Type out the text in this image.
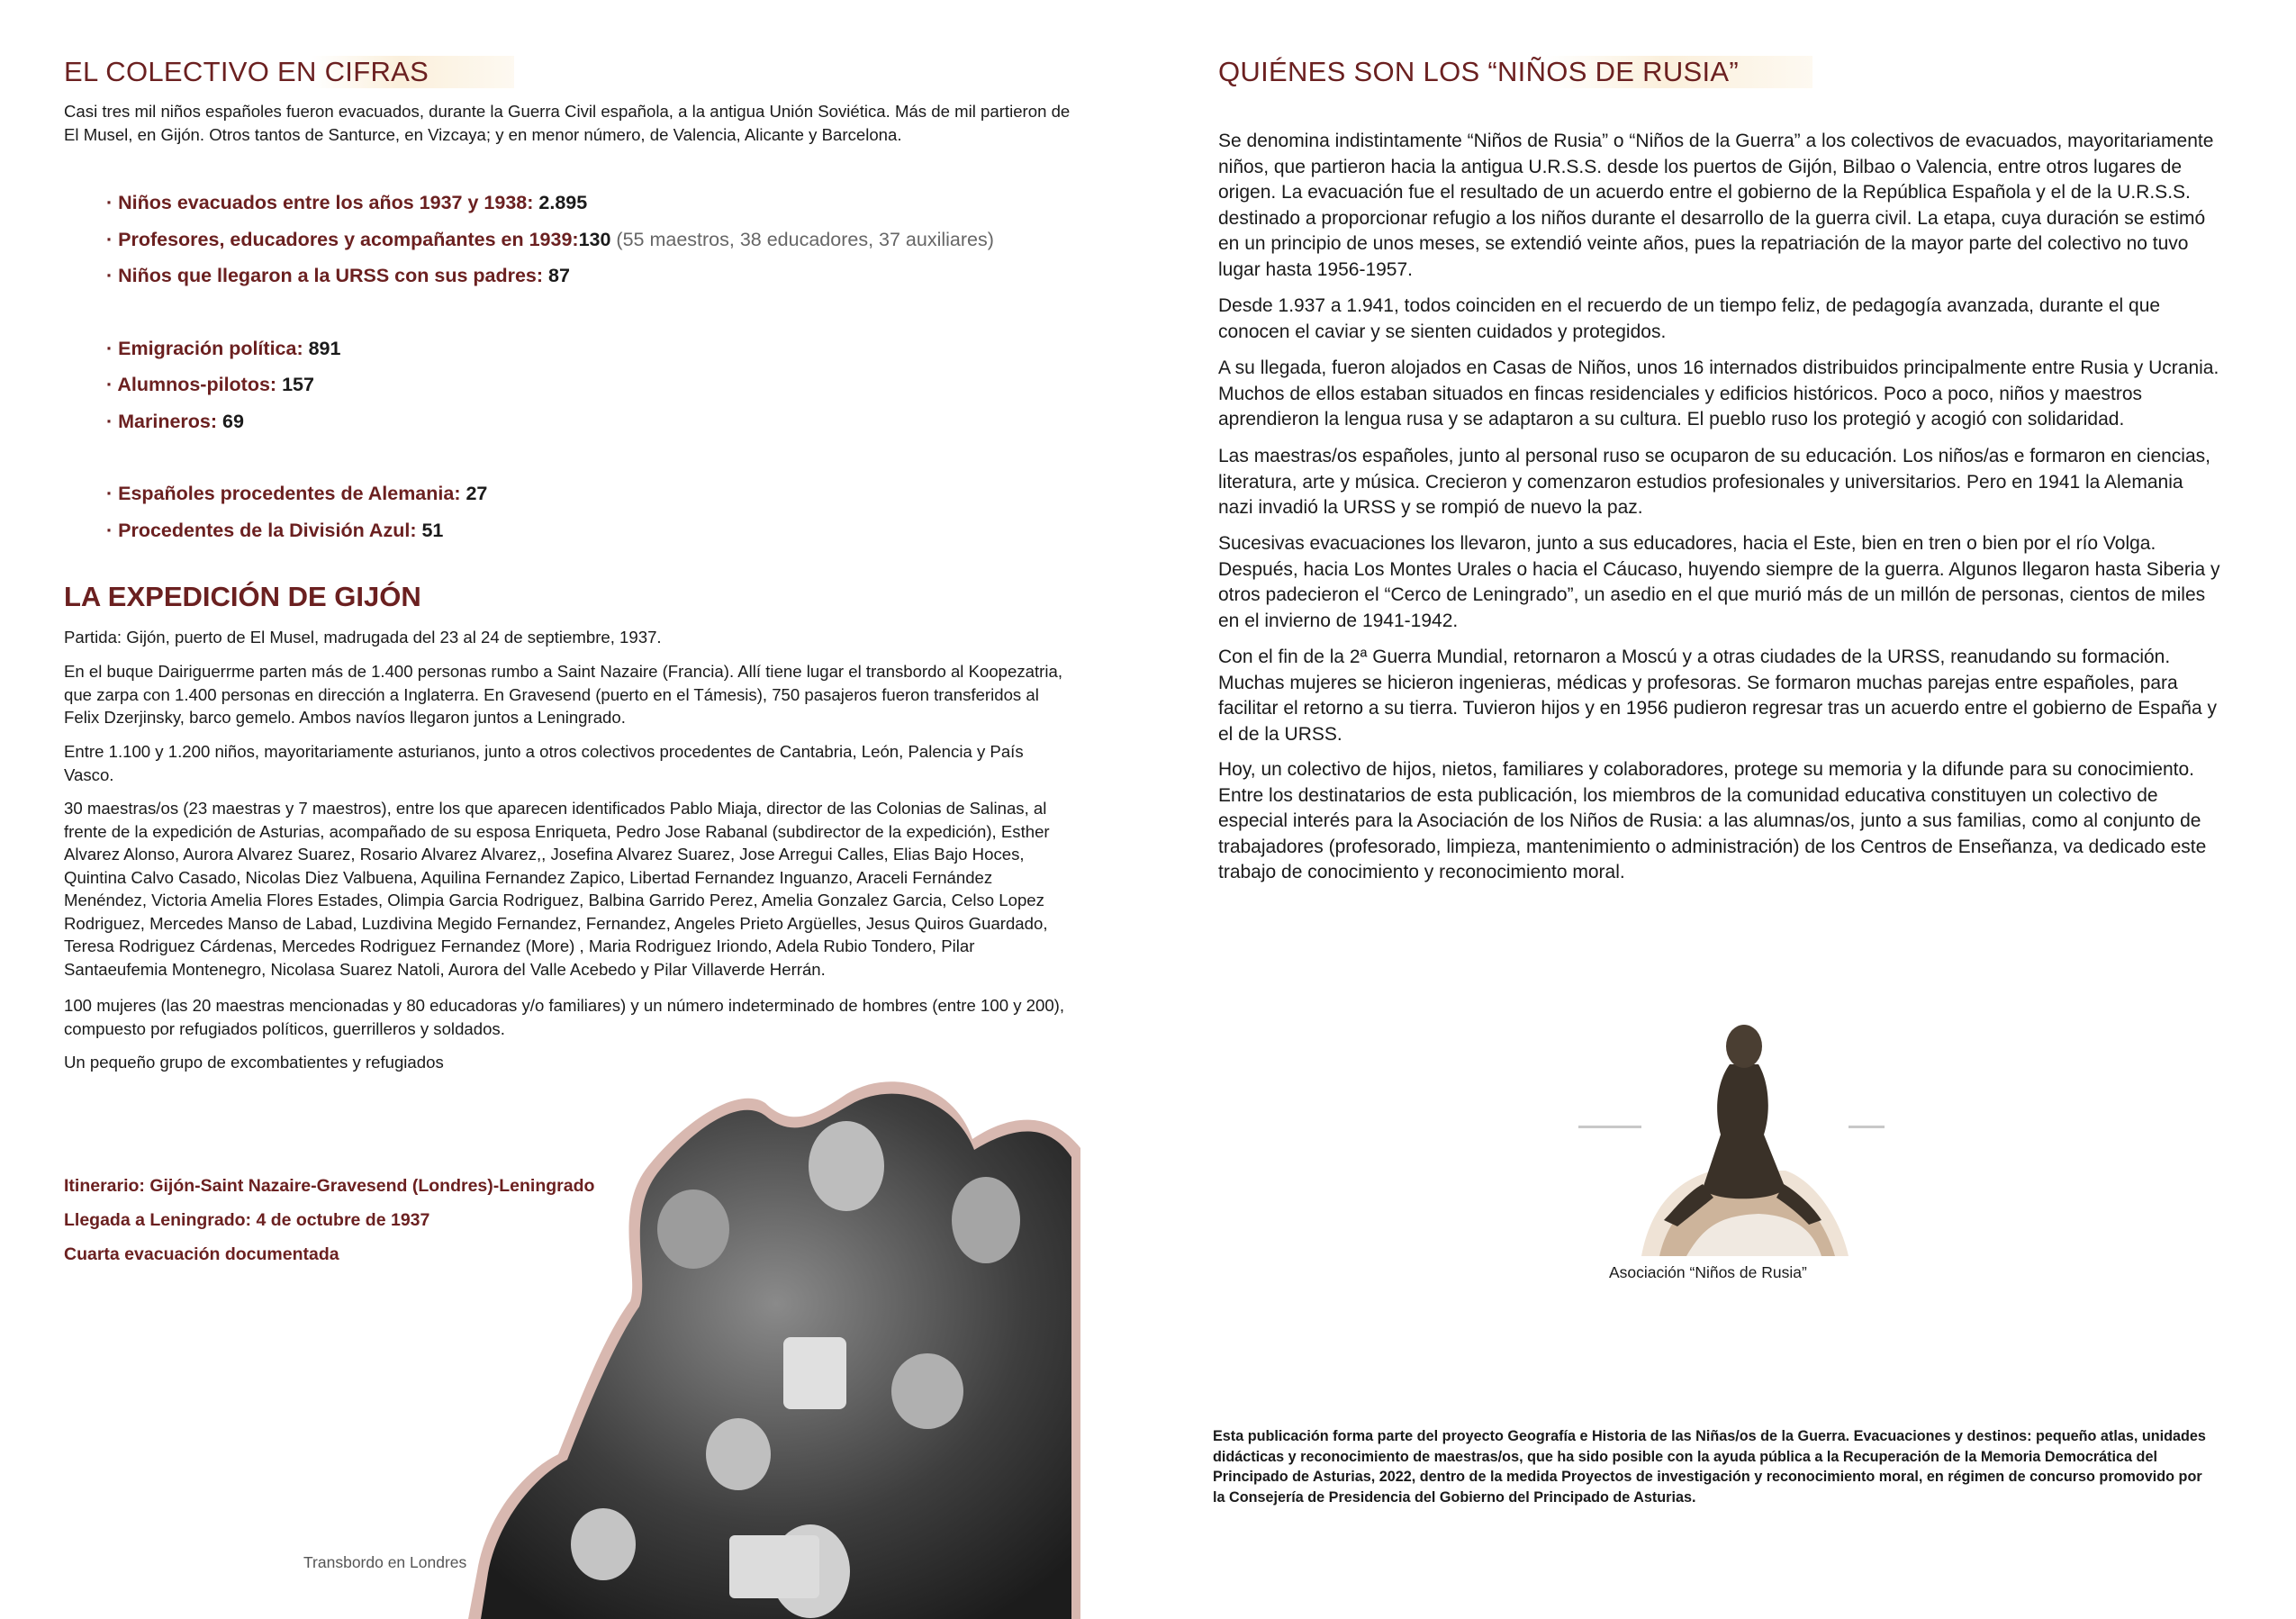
EL COLECTIVO EN CIFRAS

Casi tres mil niños españoles fueron evacuados, durante la Guerra Civil española, a la antigua Unión Soviética. Más de mil partieron de El Musel, en Gijón. Otros tantos de Santurce, en Vizcaya; y en menor número, de Valencia, Alicante y Barcelona.

· Niños evacuados entre los años 1937 y 1938: 2.895
· Profesores, educadores y acompañantes en 1939:130 (55 maestros, 38 educadores, 37 auxiliares)
· Niños que llegaron a la URSS con sus padres: 87
· Emigración política: 891
· Alumnos-pilotos: 157
· Marineros: 69
· Españoles procedentes de Alemania: 27
· Procedentes de la División Azul: 51
LA EXPEDICIÓN DE GIJÓN

Partida: Gijón, puerto de El Musel, madrugada del 23 al 24 de septiembre, 1937.

En el buque Dairiguerrme parten más de 1.400 personas rumbo a Saint Nazaire (Francia). Allí tiene lugar el transbordo al Koopezatria, que zarpa con 1.400 personas en dirección a Inglaterra. En Gravesend (puerto en el Támesis), 750 pasajeros fueron transferidos al Felix Dzerjinsky, barco gemelo. Ambos navíos llegaron juntos a Leningrado.

Entre 1.100 y 1.200 niños, mayoritariamente asturianos, junto a otros colectivos procedentes de Cantabria, León, Palencia y País Vasco.

30 maestras/os (23 maestras y 7 maestros), entre los que aparecen identificados Pablo Miaja, director de las Colonias de Salinas, al frente de la expedición de Asturias, acompañado de su esposa Enriqueta, Pedro Jose Rabanal (subdirector de la expedición), Esther Alvarez Alonso, Aurora Alvarez Suarez, Rosario Alvarez Alvarez,, Josefina Alvarez Suarez, Jose Arregui Calles, Elias Bajo Hoces, Quintina Calvo Casado, Nicolas Diez Valbuena, Aquilina Fernandez Zapico, Libertad Fernandez Inguanzo, Araceli Fernández Menéndez, Victoria Amelia Flores Estades, Olimpia Garcia Rodriguez, Balbina Garrido Perez, Amelia Gonzalez Garcia, Celso Lopez Rodriguez, Mercedes Manso de Labad, Luzdivina Megido Fernandez, Fernandez, Angeles Prieto Argüelles, Jesus Quiros Guardado, Teresa Rodriguez Cárdenas, Mercedes Rodriguez Fernandez (More) , Maria Rodriguez Iriondo, Adela Rubio Tondero, Pilar Santaeufemia Montenegro, Nicolasa Suarez Natoli, Aurora del Valle Acebedo y Pilar Villaverde Herrán.

100 mujeres (las 20 maestras mencionadas y 80 educadoras y/o familiares) y un número indeterminado de hombres (entre 100 y 200), compuesto por refugiados políticos, guerrilleros y soldados.

Un pequeño grupo de excombatientes y refugiados

Itinerario: Gijón-Saint Nazaire-Gravesend (Londres)-Leningrado
Llegada a Leningrado: 4 de octubre de 1937
Cuarta evacuación documentada
Transbordo en Londres
QUIÉNES SON LOS “NIÑOS DE RUSIA”

Se denomina indistintamente “Niños de Rusia” o “Niños de la Guerra” a los colectivos de evacuados, mayoritariamente niños, que partieron hacia la antigua U.R.S.S. desde los puertos de Gijón, Bilbao o Valencia, entre otros lugares de origen. La evacuación fue el resultado de un acuerdo entre el gobierno de la República Española y el de la U.R.S.S. destinado a proporcionar refugio a los niños durante el desarrollo de la guerra civil. La etapa, cuya duración se estimó en un principio de unos meses, se extendió veinte años, pues la repatriación de la mayor parte del colectivo no tuvo lugar hasta 1956-1957.

Desde 1.937 a 1.941, todos coinciden en el recuerdo de un tiempo feliz, de pedagogía avanzada, durante el que conocen el caviar y se sienten cuidados y protegidos.

A su llegada, fueron alojados en Casas de Niños, unos 16 internados distribuidos principalmente entre Rusia y Ucrania. Muchos de ellos estaban situados en fincas residenciales y edificios históricos. Poco a poco, niños y maestros aprendieron la lengua rusa y se adaptaron a su cultura. El pueblo ruso los protegió y acogió con solidaridad.

Las maestras/os españoles, junto al personal ruso se ocuparon de su educación. Los niños/as e formaron en ciencias, literatura, arte y música. Crecieron y comenzaron estudios profesionales y universitarios. Pero en 1941 la Alemania nazi invadió la URSS y se rompió de nuevo la paz.

Sucesivas evacuaciones los llevaron, junto a sus educadores, hacia el Este, bien en tren o bien por el río Volga. Después, hacia Los Montes Urales o hacia el Cáucaso, huyendo siempre de la guerra. Algunos llegaron hasta Siberia y otros padecieron el “Cerco de Leningrado”, un asedio en el que murió más de un millón de personas, cientos de miles en el invierno de 1941-1942.

Con el fin de la 2ª Guerra Mundial, retornaron a Moscú y a otras ciudades de la URSS, reanudando su formación. Muchas mujeres se hicieron ingenieras, médicas y profesoras. Se formaron muchas parejas entre españoles, para facilitar el retorno a su tierra. Tuvieron hijos y en 1956 pudieron regresar tras un acuerdo entre el gobierno de España y el de la URSS.

Hoy, un colectivo de hijos, nietos, familiares y colaboradores, protege su memoria y la difunde para su conocimiento. Entre los destinatarios de esta publicación, los miembros de la comunidad educativa constituyen un colectivo de especial interés para la Asociación de los Niños de Rusia: a las alumnas/os, junto a sus familias, como al conjunto de trabajadores (profesorado, limpieza, mantenimiento o administración) de los Centros de Enseñanza, va dedicado este trabajo de conocimiento y reconocimiento moral.

Asociación “Niños de Rusia”

Esta publicación forma parte del proyecto Geografía e Historia de las Niñas/os de la Guerra. Evacuaciones y destinos: pequeño atlas, unidades didácticas y reconocimiento de maestras/os, que ha sido posible con la ayuda pública a la Recuperación de la Memoria Democrática del Principado de Asturias, 2022, dentro de la medida Proyectos de investigación y reconocimiento moral, en régimen de concurso promovido por la Consejería de Presidencia del Gobierno del Principado de Asturias.
